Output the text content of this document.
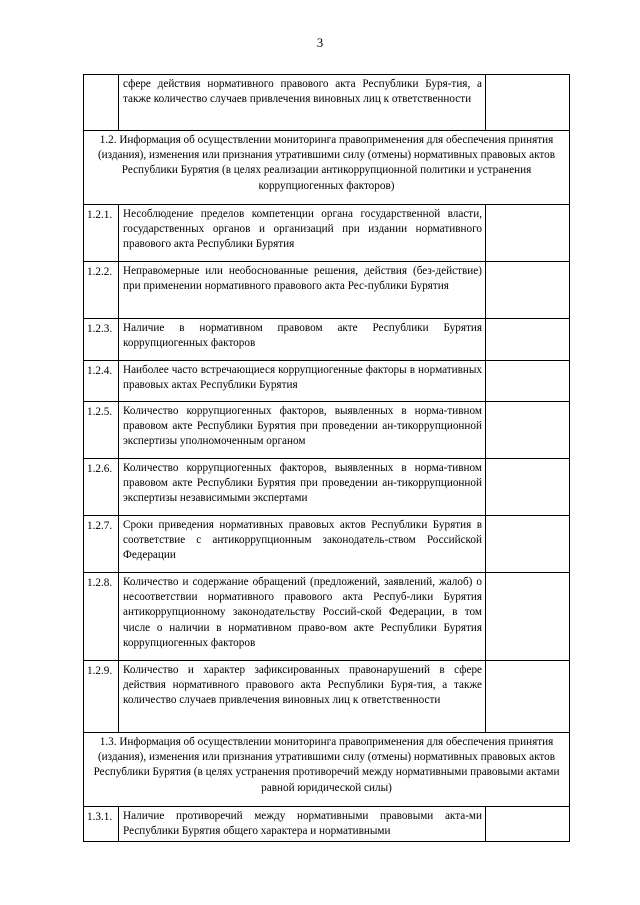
3
	сфере действия нормативного правового акта Республики Буря-тия, а также количество случаев привлечения виновных лиц к ответственности	
1.2. Информация об осуществлении мониторинга правоприменения для обеспечения принятия (издания), изменения или признания утратившими силу (отмены) нормативных правовых актов Республики Бурятия (в целях реализации антикоррупционной политики и устранения коррупциогенных факторов)		
1.2.1.	Несоблюдение пределов компетенции органа государственной власти, государственных органов и организаций при издании нормативного правового акта Республики Бурятия	
1.2.2.	Неправомерные или необоснованные решения, действия (без-действие) при применении нормативного правового акта Рес-публики Бурятия	
1.2.3.	Наличие в нормативном правовом акте Республики Бурятия коррупциогенных факторов	
1.2.4.	Наиболее часто встречающиеся коррупциогенные факторы в нормативных правовых актах Республики Бурятия	
1.2.5.	Количество коррупциогенных факторов, выявленных в норма-тивном правовом акте Республики Бурятия при проведении ан-тикоррупционной экспертизы уполномоченным органом	
1.2.6.	Количество коррупциогенных факторов, выявленных в норма-тивном правовом акте Республики Бурятия при проведении ан-тикоррупционной экспертизы независимыми экспертами	
1.2.7.	Сроки приведения нормативных правовых актов Республики Бурятия в соответствие с антикоррупционным законодатель-ством Российской Федерации	
1.2.8.	Количество и содержание обращений (предложений, заявлений, жалоб) о несоответствии нормативного правового акта Респуб-лики Бурятия антикоррупционному законодательству Россий-ской Федерации, в том числе о наличии в нормативном право-вом акте Республики Бурятия коррупциогенных факторов	
1.2.9.	Количество и характер зафиксированных правонарушений в сфере действия нормативного правового акта Республики Буря-тия, а также количество случаев привлечения виновных лиц к ответственности	
1.3. Информация об осуществлении мониторинга правоприменения для обеспечения принятия (издания), изменения или признания утратившими силу (отмены) нормативных правовых актов Республики Бурятия (в целях устранения противоречий между нормативными правовыми актами равной юридической силы)		
1.3.1.	Наличие противоречий между нормативными правовыми акта-ми Республики Бурятия общего характера и нормативными	
